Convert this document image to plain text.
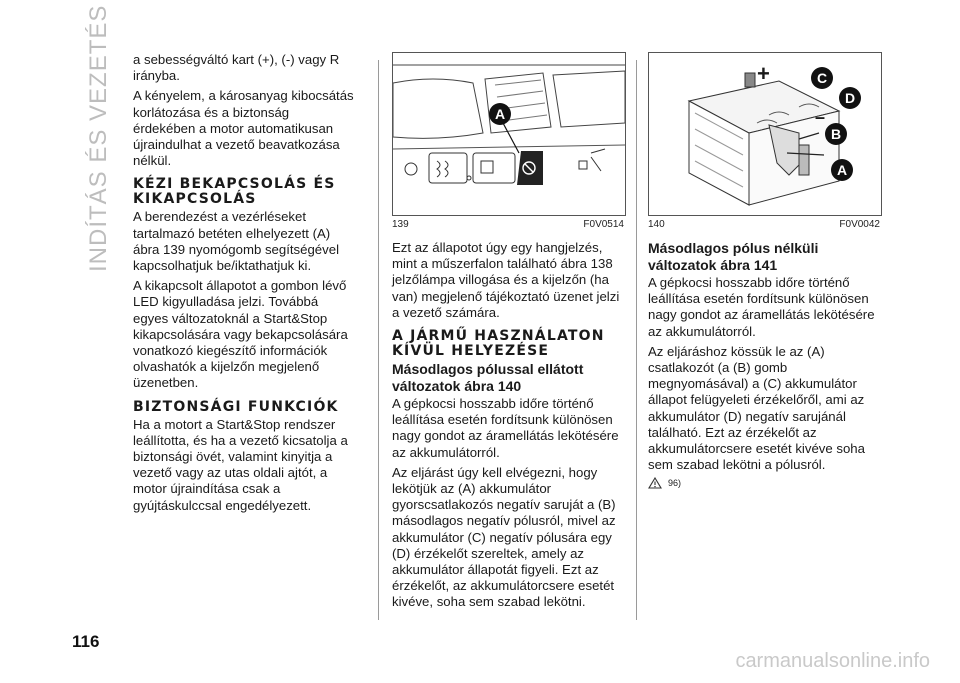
INDÍTÁS ÉS VEZETÉS
116

a sebességváltó kart (+), (-) vagy R irányba.

A kényelem, a károsanyag kibocsátás korlátozása és a biztonság érdekében a motor automatikusan újraindulhat a vezető beavatkozása nélkül.

KÉZI BEKAPCSOLÁS ÉS KIKAPCSOLÁS

A berendezést a vezérléseket tartalmazó betéten elhelyezett (A) ábra 139 nyomógomb segítségével kapcsolhatjuk be/iktathatjuk ki.

A kikapcsolt állapotot a gombon lévő LED kigyulladása jelzi. Továbbá egyes változatoknál a Start&Stop kikapcsolására vagy bekapcsolására vonatkozó kiegészítő információk olvashatók a kijelzőn megjelenő üzenetben.

BIZTONSÁGI FUNKCIÓK

Ha a motort a Start&Stop rendszer leállította, és ha a vezető kicsatolja a biztonsági övét, valamint kinyitja a vezető vagy az utas oldali ajtót, a motor újraindítása csak a gyújtáskulccsal engedélyezett.

A
139	F0V0514

Ezt az állapotot úgy egy hangjelzés, mint a műszerfalon található ábra 138 jelzőlámpa villogása és a kijelzőn (ha van) megjelenő tájékoztató üzenet jelzi a vezető számára.

A JÁRMŰ HASZNÁLATON KÍVÜL HELYEZÉSE
Másodlagos pólussal ellátott változatok ábra 140

A gépkocsi hosszabb időre történő leállítása esetén fordítsunk különösen nagy gondot az áramellátás lekötésére az akkumulátorról.

Az eljárást úgy kell elvégezni, hogy lekötjük az (A) akkumulátor gyorscsatlakozós negatív saruját a (B) másodlagos negatív pólusról, mivel az akkumulátor (C) negatív pólusára egy (D) érzékelőt szereltek, amely az akkumulátor állapotát figyeli. Ezt az érzékelőt, az akkumulátorcsere esetét kivéve, soha sem szabad lekötni.

C
D
B
A
+
–
140	F0V0042
Másodlagos pólus nélküli változatok ábra 141

A gépkocsi hosszabb időre történő leállítása esetén fordítsunk különösen nagy gondot az áramellátás lekötésére az akkumulátorról.

Az eljáráshoz kössük le az (A) csatlakozót (a (B) gomb megnyomásával) a (C) akkumulátor állapot felügyeleti érzékelőről, ami az akkumulátor (D) negatív sarujánál található. Ezt az érzékelőt az akkumulátorcsere esetét kivéve soha sem szabad lekötni a pólusról.

96)
carmanualsonline.info
